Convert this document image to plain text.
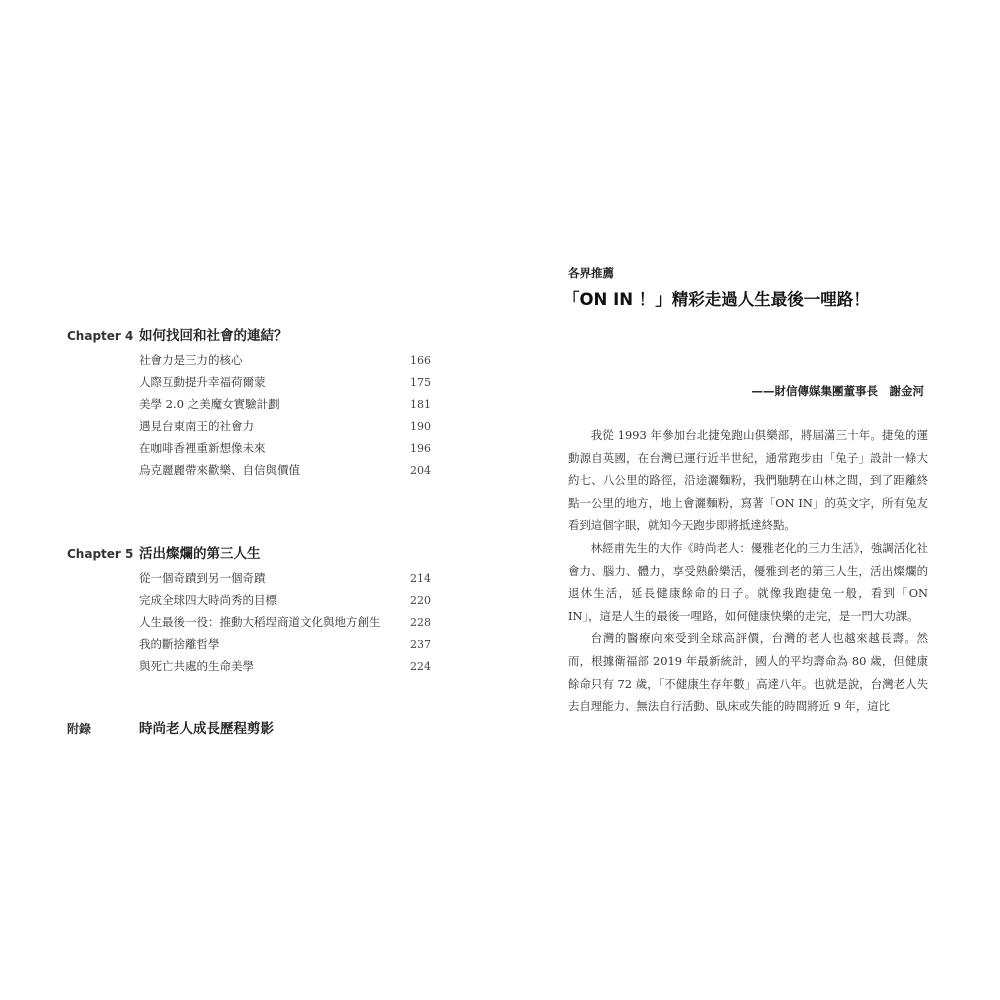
Chapter 4 如何找回和社會的連結？
社會力是三力的核心	166
人際互動提升幸福荷爾蒙	175
美學 2.0 之美魔女實驗計劃	181
遇見台東南王的社會力	190
在咖啡香裡重新想像未來	196
烏克麗麗帶來歡樂、自信與價值	204
Chapter 5 活出燦爛的第三人生
從一個奇蹟到另一個奇蹟	214
完成全球四大時尚秀的目標	220
人生最後一役：推動大稻埕商道文化與地方創生	228
我的斷捨離哲學	237
與死亡共處的生命美學	224
附錄	時尚老人成長歷程剪影
各界推薦
「ON IN ！」精彩走過人生最後一哩路！
——財信傳媒集團董事長　謝金河

我從 1993 年參加台北捷兔跑山俱樂部，將屆滿三十年。捷兔的運動源自英國，在台灣已運行近半世紀，通常跑步由「兔子」設計一條大約七、八公里的路徑，沿途灑麵粉，我們馳騁在山林之間，到了距離終點一公里的地方，地上會灑麵粉，寫著「ON IN」的英文字，所有兔友看到這個字眼，就知今天跑步即將抵達終點。

林經甫先生的大作《時尚老人：優雅老化的三力生活》，強調活化社會力、腦力、體力，享受熟齡樂活，優雅到老的第三人生，活出燦爛的退休生活，延長健康餘命的日子。就像我跑捷兔一般，看到「ON IN」，這是人生的最後一哩路，如何健康快樂的走完，是一門大功課。

台灣的醫療向來受到全球高評價，台灣的老人也越來越長壽。然而，根據衛福部 2019 年最新統計，國人的平均壽命為 80 歲，但健康餘命只有 72 歲，「不健康生存年數」高達八年。也就是說，台灣老人失去自理能力、無法自行活動、臥床或失能的時間將近 9 年，這比
